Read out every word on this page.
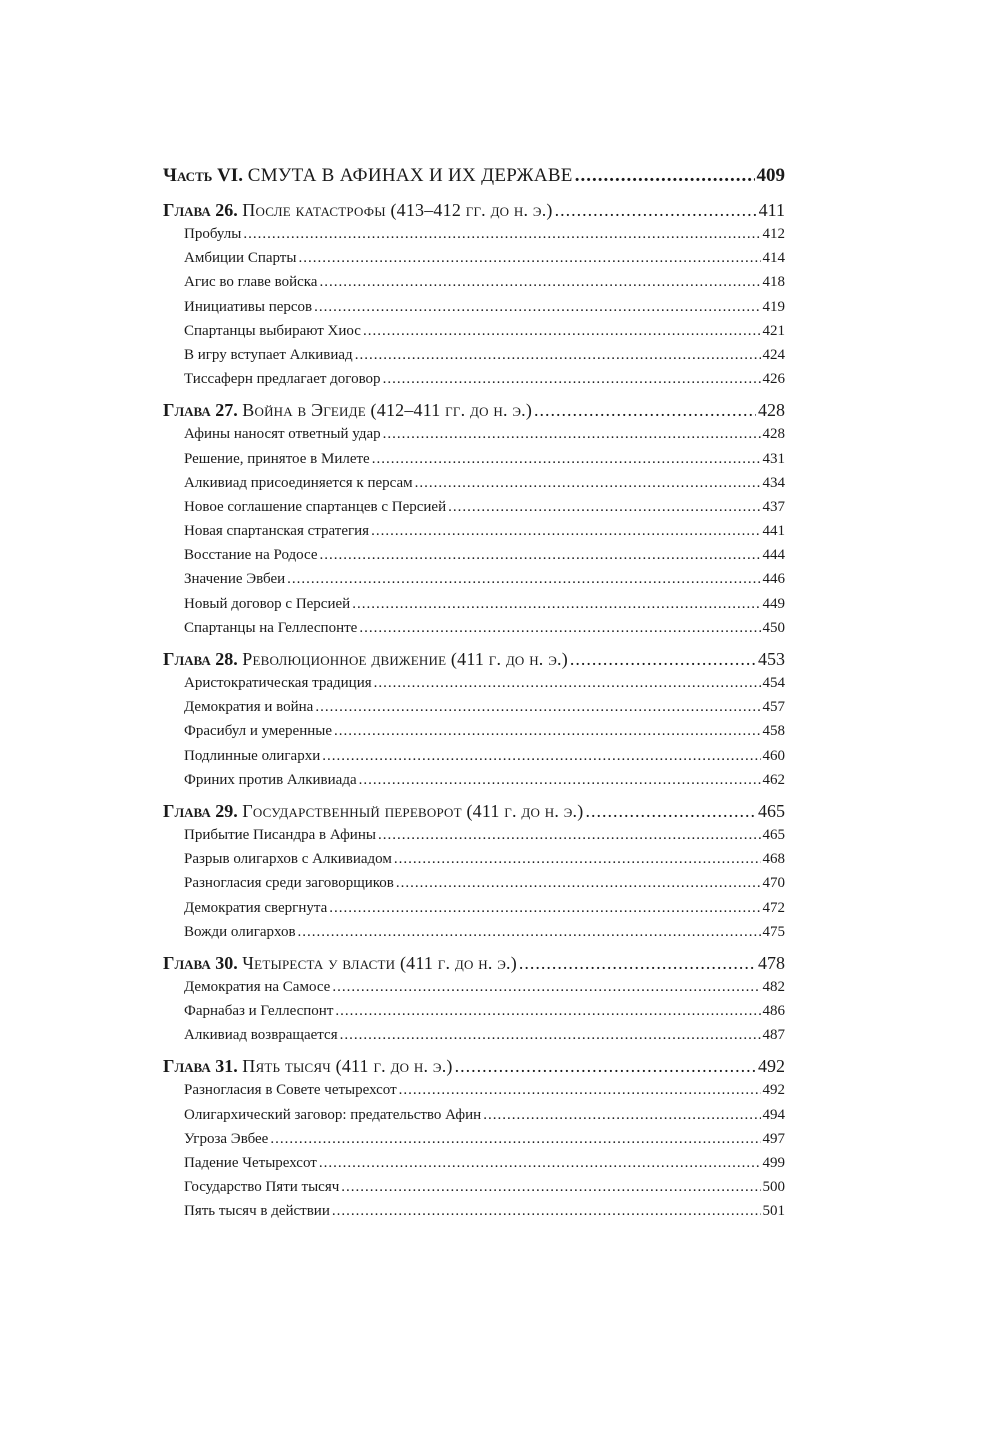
Часть VI. СМУТА В АФИНАХ И ИХ ДЕРЖАВЕ .....	409
Глава 26. После катастрофы (413–412 гг. до н. э.) .....	411
Пробулы .....	412
Амбиции Спарты .....	414
Агис во главе войска .....	418
Инициативы персов .....	419
Спартанцы выбирают Хиос .....	421
В игру вступает Алкивиад .....	424
Тиссаферн предлагает договор .....	426
Глава 27. Война в Эгеиде (412–411 гг. до н. э.) .....	428
Афины наносят ответный удар .....	428
Решение, принятое в Милете .....	431
Алкивиад присоединяется к персам .....	434
Новое соглашение спартанцев с Персией .....	437
Новая спартанская стратегия .....	441
Восстание на Родосе .....	444
Значение Эвбеи .....	446
Новый договор с Персией .....	449
Спартанцы на Геллеспонте .....	450
Глава 28. Революционное движение (411 г. до н. э.) .....	453
Аристократическая традиция .....	454
Демократия и война .....	457
Фрасибул и умеренные .....	458
Подлинные олигархи .....	460
Фриних против Алкивиада .....	462
Глава 29. Государственный переворот (411 г. до н. э.) .....	465
Прибытие Писандра в Афины .....	465
Разрыв олигархов с Алкивиадом .....	468
Разногласия среди заговорщиков .....	470
Демократия свергнута .....	472
Вожди олигархов .....	475
Глава 30. Четыреста у власти (411 г. до н. э.) .....	478
Демократия на Самосе .....	482
Фарнабаз и Геллеспонт .....	486
Алкивиад возвращается .....	487
Глава 31. Пять тысяч (411 г. до н. э.) .....	492
Разногласия в Совете четырехсот .....	492
Олигархический заговор: предательство Афин .....	494
Угроза Эвбее .....	497
Падение Четырехсот .....	499
Государство Пяти тысяч .....	500
Пять тысяч в действии .....	501
